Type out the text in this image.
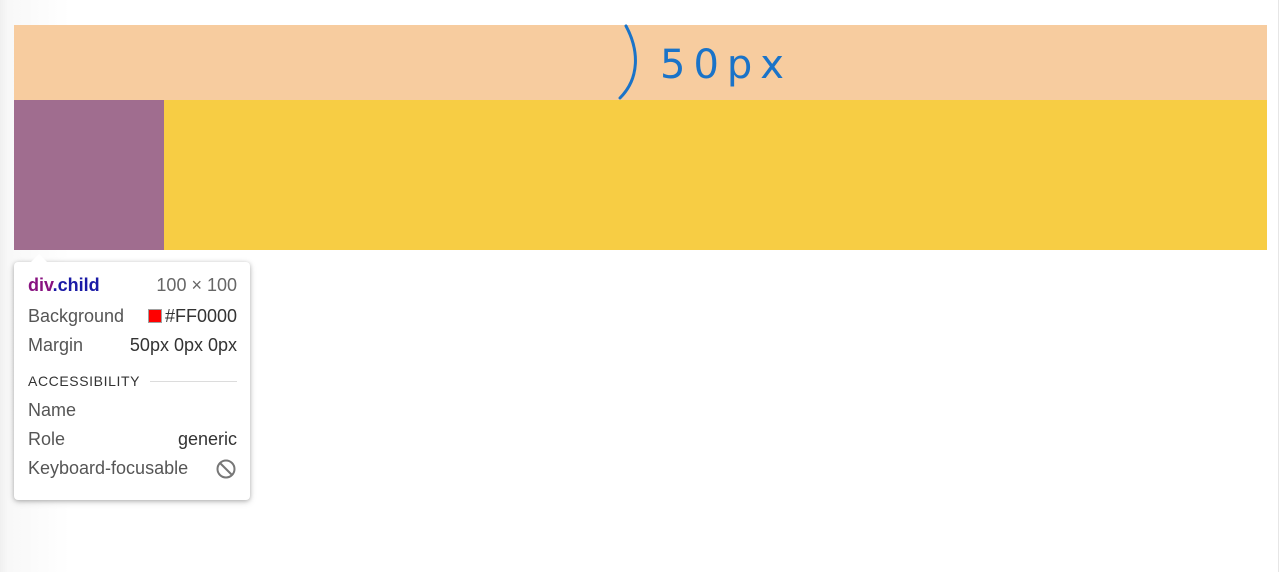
50px
div.child	100 × 100
Background	#FF0000
Margin	50px 0px 0px
ACCESSIBILITY
Name
Role	generic
Keyboard-focusable
